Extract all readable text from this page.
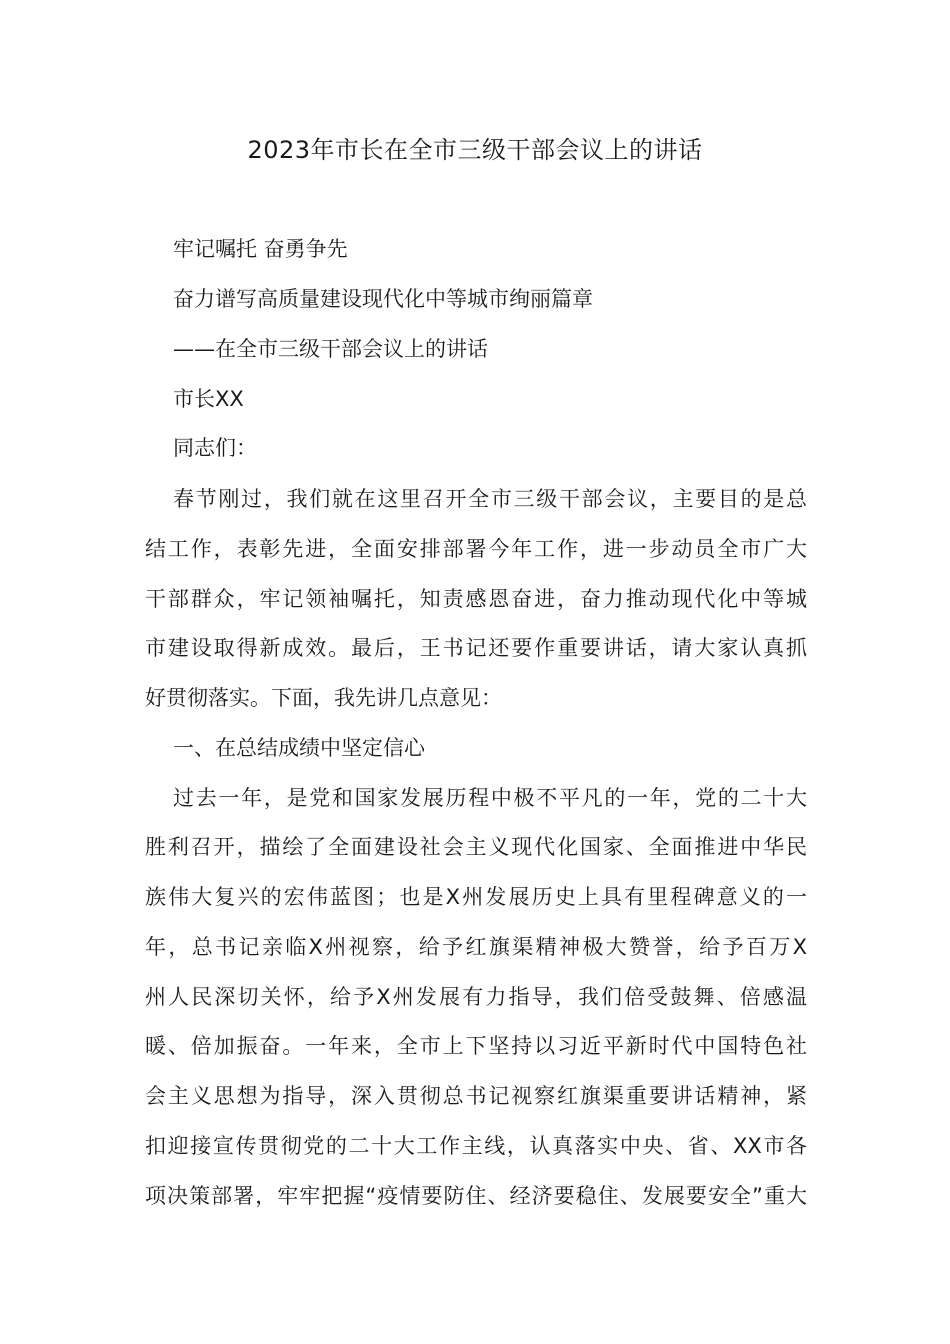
2023年市长在全市三级干部会议上的讲话

牢记嘱托 奋勇争先

奋力谱写高质量建设现代化中等城市绚丽篇章

——在全市三级干部会议上的讲话

市长XX

同志们：

春节刚过，我们就在这里召开全市三级干部会议，主要目的是总

结工作，表彰先进，全面安排部署今年工作，进一步动员全市广大

干部群众，牢记领袖嘱托，知责感恩奋进，奋力推动现代化中等城

市建设取得新成效。最后，王书记还要作重要讲话，请大家认真抓

好贯彻落实。下面，我先讲几点意见：

一、在总结成绩中坚定信心

过去一年，是党和国家发展历程中极不平凡的一年，党的二十大

胜利召开，描绘了全面建设社会主义现代化国家、全面推进中华民

族伟大复兴的宏伟蓝图；也是X州发展历史上具有里程碑意义的一

年，总书记亲临X州视察，给予红旗渠精神极大赞誉，给予百万X

州人民深切关怀，给予X州发展有力指导，我们倍受鼓舞、倍感温

暖、倍加振奋。一年来，全市上下坚持以习近平新时代中国特色社

会主义思想为指导，深入贯彻总书记视察红旗渠重要讲话精神，紧

扣迎接宣传贯彻党的二十大工作主线，认真落实中央、省、XX市各

项决策部署，牢牢把握“疫情要防住、经济要稳住、发展要安全”重大
